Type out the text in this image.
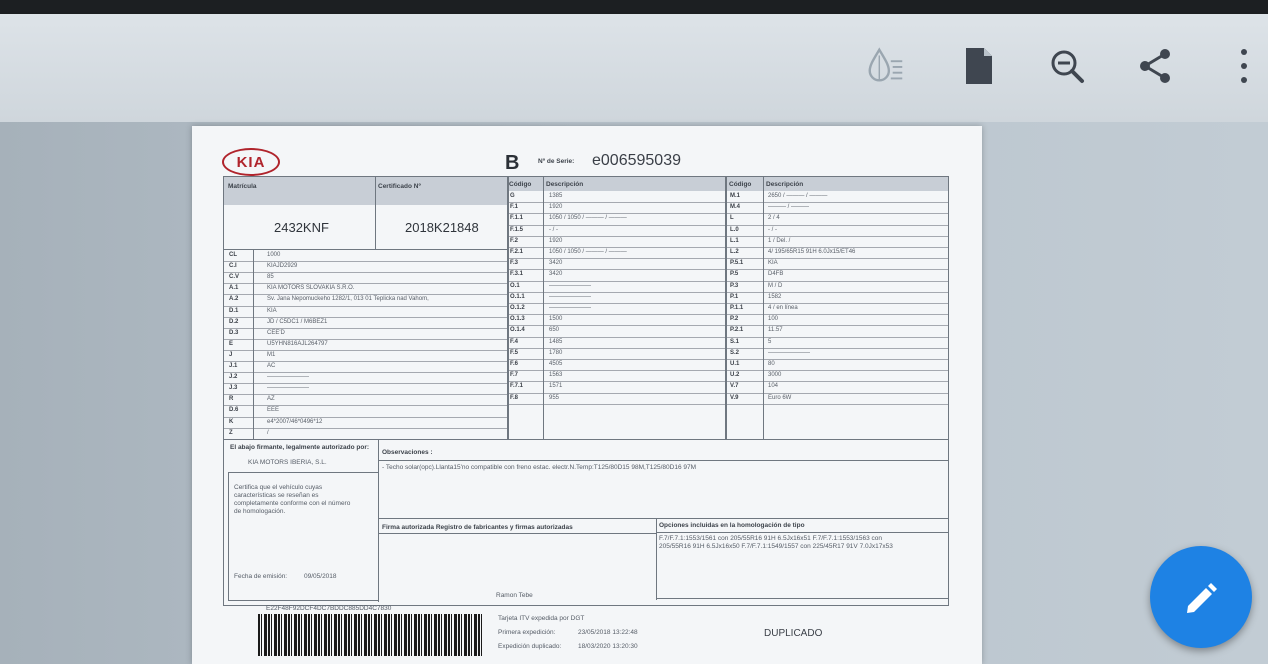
KIA	B	Nº de Serie: e006595039
Matrícula	Certificado Nº
2432KNF	2018K21848
Código Descripción	Código Descripción
CL	1000
C.I	KIAJD2929
C.V	85
A.1	KIA MOTORS SLOVAKIA S.R.O.
A.2	Sv. Jana Nepomuckeho 1282/1, 013 01 Teplicka nad Vahom,
D.1	KIA
D.2	JD / C5DC1 / M6BEZ1
D.3	CEE'D
E	U5YHN816AJL264797
J	M1
J.1	AC
J.2	———————
J.3	———————
R	AZ
D.6	EEE
K	e4*2007/46*0496*12
Z	/
G	1385
F.1	1920
F.1.1	1050 / 1050 / ——— / ———
F.1.5	- / -
F.2	1920
F.2.1	1050 / 1050 / ——— / ———
F.3	3420
F.3.1	3420
O.1	———————
O.1.1	———————
O.1.2	———————
O.1.3	1500
O.1.4	650
F.4	1485
F.5	1780
F.6	4505
F.7	1563
F.7.1	1571
F.8	955
M.1	2650 / ——— / ———
M.4	——— / ———
L	2 / 4
L.0	- / -
L.1	1 / Del. /
L.2	4/ 195/65R15 91H 6.0Jx15/ET46
P.5.1	KIA
P.5	D4FB
P.3	M / D
P.1	1582
P.1.1	4 / en línea
P.2	100
P.2.1	11.57
S.1	5
S.2	———————
U.1	80
U.2	3000
V.7	104
V.9	Euro 6W
El abajo firmante, legalmente autorizado por:
KIA MOTORS IBERIA, S.L.
Certifica que el vehículo cuyas características se reseñan es completamente conforme con el número de homologación.
Fecha de emisión:	09/05/2018
Observaciones :
- Techo solar(opc).Llanta15'no compatible con freno estac. electr.N.Temp:T125/80D15 98M,T125/80D16 97M
Firma autorizada Registro de fabricantes y firmas autorizadas	Opciones incluidas en la homologación de tipo
F.7/F.7.1:1553/1561 con 205/55R16 91H 6.5Jx16x51 F.7/F.7.1:1553/1563 con
205/55R16 91H 6.5Jx16x50 F.7/F.7.1:1549/1557 con 225/45R17 91V 7.0Jx17x53
Ramon Tebe
E22F48F92DCF4DC7BDDC885DD4C7830
Tarjeta ITV expedida por DGT
Primera expedición:	23/05/2018 13:22:48
Expedición duplicado:	18/03/2020 13:20:30
DUPLICADO
